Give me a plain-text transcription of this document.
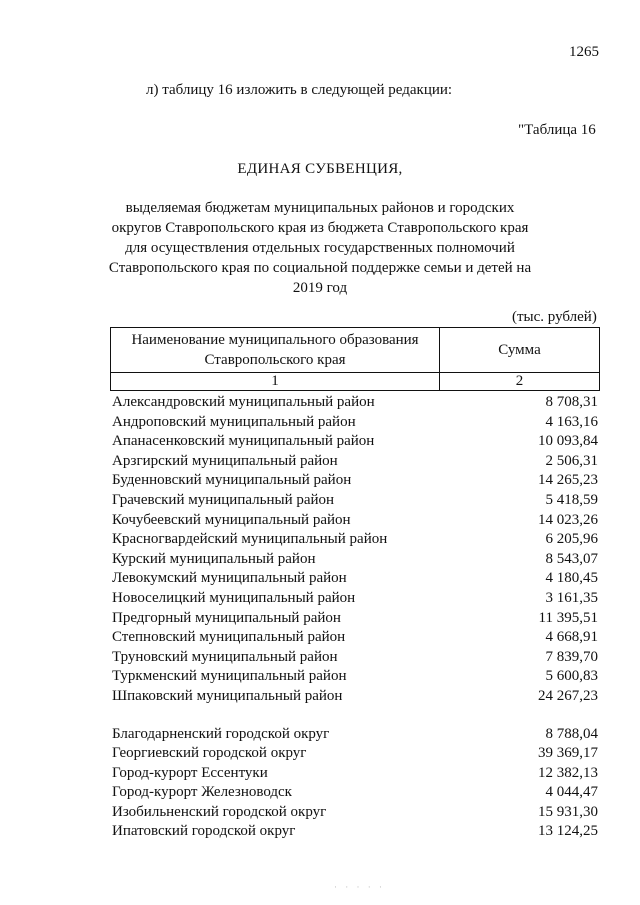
1265
л) таблицу 16 изложить в следующей редакции:
"Таблица 16
ЕДИНАЯ СУБВЕНЦИЯ,
выделяемая бюджетам муниципальных районов и городских округов Ставропольского края из бюджета Ставропольского края для осуществления отдельных государственных полномочий Ставропольского края по социальной поддержке семьи и детей на 2019 год
(тыс. рублей)
Наименование муниципального образования Ставропольского края	Сумма
1	2
Александровский муниципальный район	8 708,31
Андроповский муниципальный район	4 163,16
Апанасенковский муниципальный район	10 093,84
Арзгирский муниципальный район	2 506,31
Буденновский муниципальный район	14 265,23
Грачевский муниципальный район	5 418,59
Кочубеевский муниципальный район	14 023,26
Красногвардейский муниципальный район	6 205,96
Курский муниципальный район	8 543,07
Левокумский муниципальный район	4 180,45
Новоселицкий муниципальный район	3 161,35
Предгорный муниципальный район	11 395,51
Степновский муниципальный район	4 668,91
Труновский муниципальный район	7 839,70
Туркменский муниципальный район	5 600,83
Шпаковский муниципальный район	24 267,23
Благодарненский городской округ	8 788,04
Георгиевский городской округ	39 369,17
Город-курорт Ессентуки	12 382,13
Город-курорт Железноводск	4 044,47
Изобильненский городской округ	15 931,30
Ипатовский городской округ	13 124,25
· · · · ·
